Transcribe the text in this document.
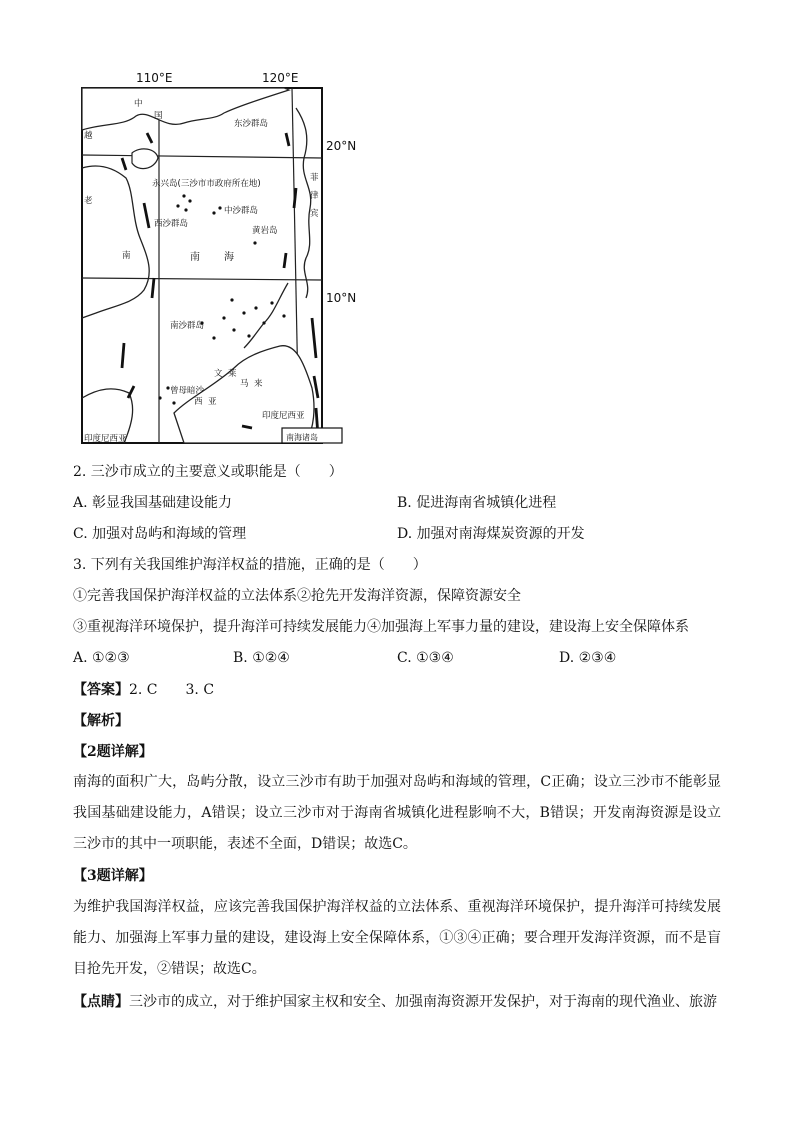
110°E	120°E
20°N
10°N
中
国
越
东沙群岛
永兴岛(三沙市市政府所在地)
中沙群岛
西沙群岛
黄岩岛
老
南
南沙群岛
文 莱
曾母暗沙
印度尼西亚
印度尼西亚
南海诸岛
南 海
菲
律
宾
马 来
西 亚
2. 三沙市成立的主要意义或职能是（　　）
A. 彰显我国基础建设能力	B. 促进海南省城镇化进程
C. 加强对岛屿和海域的管理	D. 加强对南海煤炭资源的开发
3. 下列有关我国维护海洋权益的措施，正确的是（　　）
①完善我国保护海洋权益的立法体系②抢先开发海洋资源，保障资源安全
③重视海洋环境保护，提升海洋可持续发展能力④加强海上军事力量的建设，建设海上安全保障体系
A. ①②③	B. ①②④	C. ①③④	D. ②③④
【答案】2. C　　3. C
【解析】
【2题详解】
南海的面积广大，岛屿分散，设立三沙市有助于加强对岛屿和海域的管理，C正确；设立三沙市不能彰显我国基础建设能力，A错误；设立三沙市对于海南省城镇化进程影响不大，B错误；开发南海资源是设立三沙市的其中一项职能，表述不全面，D错误；故选C。
【3题详解】
为维护我国海洋权益，应该完善我国保护海洋权益的立法体系、重视海洋环境保护，提升海洋可持续发展能力、加强海上军事力量的建设，建设海上安全保障体系，①③④正确；要合理开发海洋资源，而不是盲目抢先开发，②错误；故选C。
【点睛】三沙市的成立，对于维护国家主权和安全、加强南海资源开发保护，对于海南的现代渔业、旅游
